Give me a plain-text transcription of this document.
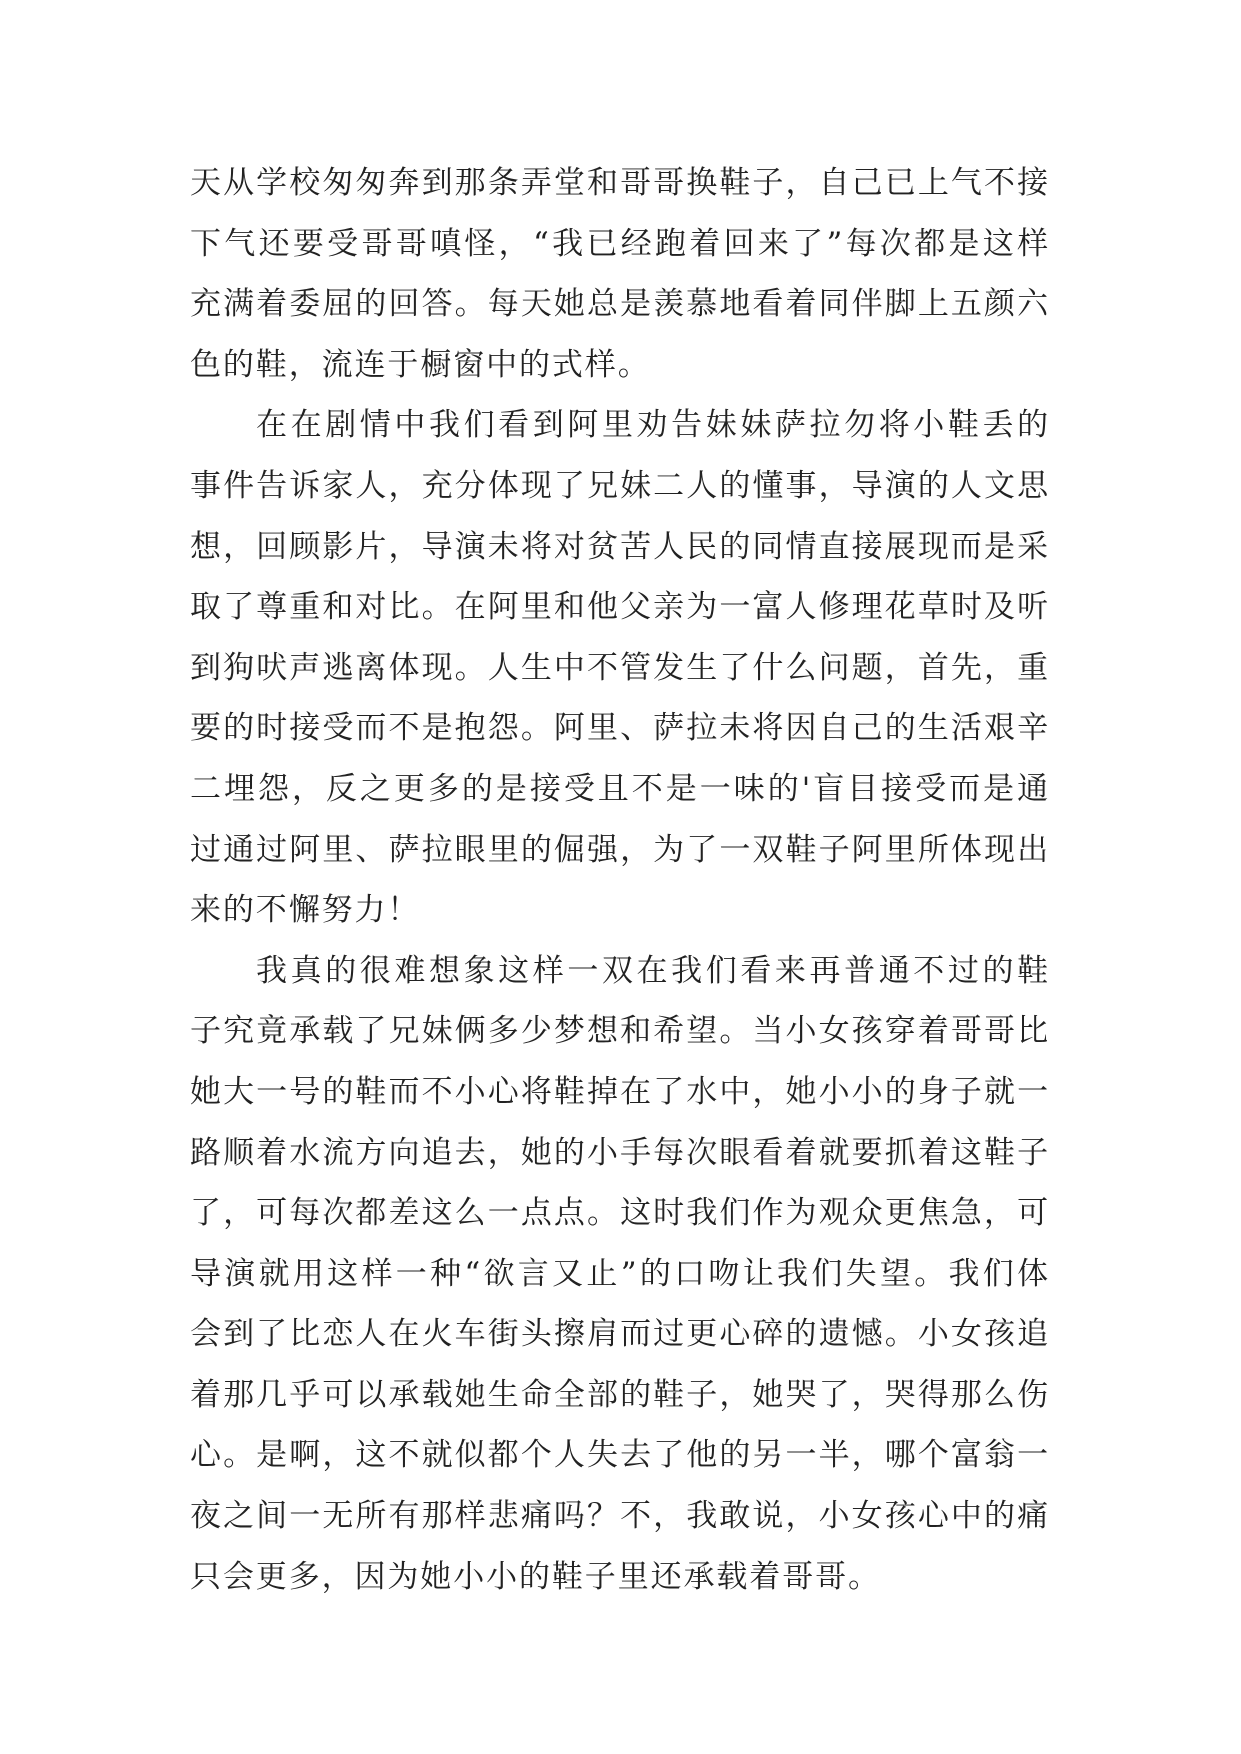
天从学校匆匆奔到那条弄堂和哥哥换鞋子，自己已上气不接
下气还要受哥哥嗔怪，“我已经跑着回来了”每次都是这样
充满着委屈的回答。每天她总是羡慕地看着同伴脚上五颜六
色的鞋，流连于橱窗中的式样。
在在剧情中我们看到阿里劝告妹妹萨拉勿将小鞋丢的
事件告诉家人，充分体现了兄妹二人的懂事，导演的人文思
想，回顾影片，导演未将对贫苦人民的同情直接展现而是采
取了尊重和对比。在阿里和他父亲为一富人修理花草时及听
到狗吠声逃离体现。人生中不管发生了什么问题，首先，重
要的时接受而不是抱怨。阿里、萨拉未将因自己的生活艰辛
二埋怨，反之更多的是接受且不是一味的'盲目接受而是通
过通过阿里、萨拉眼里的倔强，为了一双鞋子阿里所体现出
来的不懈努力！
我真的很难想象这样一双在我们看来再普通不过的鞋
子究竟承载了兄妹俩多少梦想和希望。当小女孩穿着哥哥比
她大一号的鞋而不小心将鞋掉在了水中，她小小的身子就一
路顺着水流方向追去，她的小手每次眼看着就要抓着这鞋子
了，可每次都差这么一点点。这时我们作为观众更焦急，可
导演就用这样一种“欲言又止”的口吻让我们失望。我们体
会到了比恋人在火车街头擦肩而过更心碎的遗憾。小女孩追
着那几乎可以承载她生命全部的鞋子，她哭了，哭得那么伤
心。是啊，这不就似都个人失去了他的另一半，哪个富翁一
夜之间一无所有那样悲痛吗？不，我敢说，小女孩心中的痛
只会更多，因为她小小的鞋子里还承载着哥哥。
